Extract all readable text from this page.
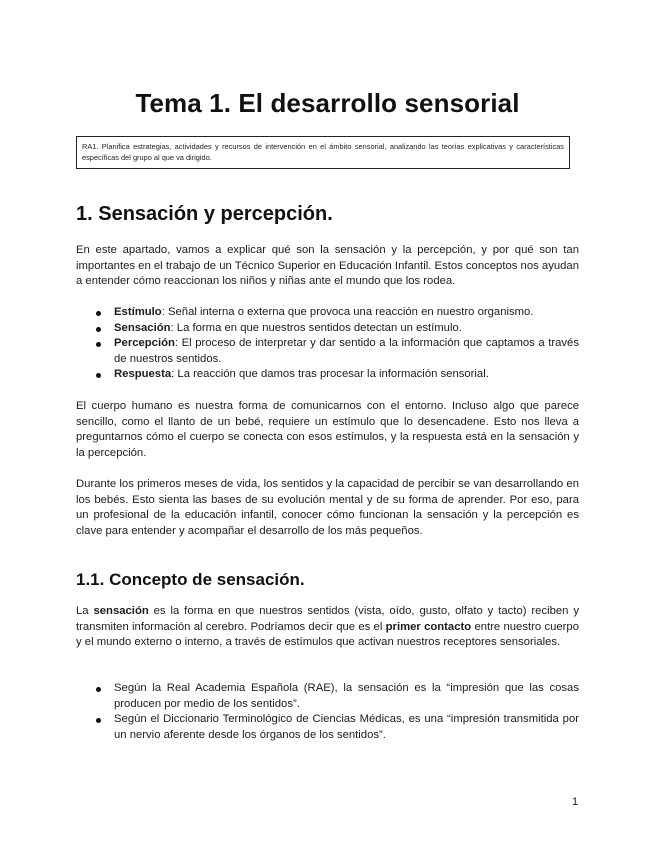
Tema 1. El desarrollo sensorial
RA1. Planifica estrategias, actividades y recursos de intervención en el ámbito sensorial, analizando las teorías explicativas y características específicas del grupo al que va dirigido.
1. Sensación y percepción.

En este apartado, vamos a explicar qué son la sensación y la percepción, y por qué son tan importantes en el trabajo de un Técnico Superior en Educación Infantil. Estos conceptos nos ayudan a entender cómo reaccionan los niños y niñas ante el mundo que los rodea.

Estímulo: Señal interna o externa que provoca una reacción en nuestro organismo.
Sensación: La forma en que nuestros sentidos detectan un estímulo.
Percepción: El proceso de interpretar y dar sentido a la información que captamos a través de nuestros sentidos.
Respuesta: La reacción que damos tras procesar la información sensorial.

El cuerpo humano es nuestra forma de comunicarnos con el entorno. Incluso algo que parece sencillo, como el llanto de un bebé, requiere un estímulo que lo desencadene. Esto nos lleva a preguntarnos cómo el cuerpo se conecta con esos estímulos, y la respuesta está en la sensación y la percepción.

Durante los primeros meses de vida, los sentidos y la capacidad de percibir se van desarrollando en los bebés. Esto sienta las bases de su evolución mental y de su forma de aprender. Por eso, para un profesional de la educación infantil, conocer cómo funcionan la sensación y la percepción es clave para entender y acompañar el desarrollo de los más pequeños.

1.1. Concepto de sensación.

La sensación es la forma en que nuestros sentidos (vista, oído, gusto, olfato y tacto) reciben y transmiten información al cerebro. Podríamos decir que es el primer contacto entre nuestro cuerpo y el mundo externo o interno, a través de estímulos que activan nuestros receptores sensoriales.

Según la Real Academia Española (RAE), la sensación es la “impresión que las cosas producen por medio de los sentidos”.
Según el Diccionario Terminológico de Ciencias Médicas, es una “impresión transmitida por un nervio aferente desde los órganos de los sentidos”.
1
